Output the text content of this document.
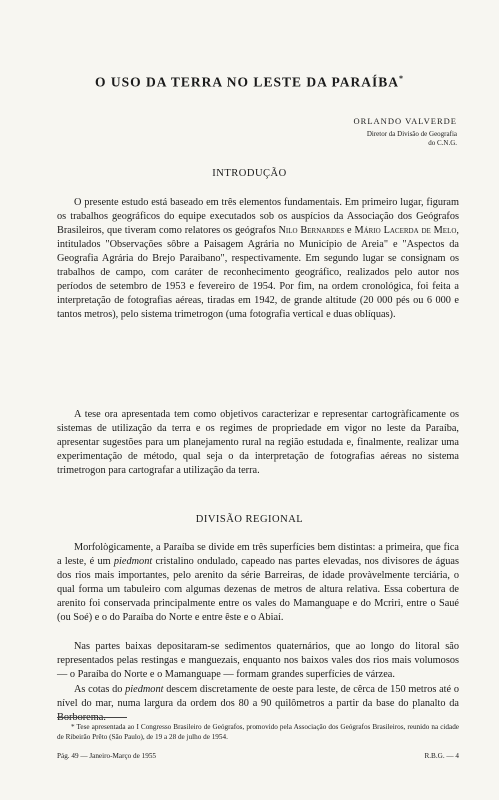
O USO DA TERRA NO LESTE DA PARAÍBA*
ORLANDO VALVERDE
Diretor da Divisão de Geografia
do C.N.G.
INTRODUÇÃO

O presente estudo está baseado em três elementos fundamentais. Em primeiro lugar, figuram os trabalhos geográficos do equipe executados sob os auspícios da Associação dos Geógrafos Brasileiros, que tiveram como relatores os geógrafos Nilo Bernardes e Mário Lacerda de Melo, intitulados "Observações sôbre a Paisagem Agrária no Município de Areia" e "Aspectos da Geografia Agrária do Brejo Paraibano", respectivamente. Em segundo lugar se consignam os trabalhos de campo, com caráter de reconhecimento geográfico, realizados pelo autor nos períodos de setembro de 1953 e fevereiro de 1954. Por fim, na ordem cronológica, foi feita a interpretação de fotografias aéreas, tiradas em 1942, de grande altitude (20 000 pés ou 6 000 e tantos metros), pelo sistema trimetrogon (uma fotografia vertical e duas oblíquas).

A tese ora apresentada tem como objetivos caracterizar e representar cartogràficamente os sistemas de utilização da terra e os regimes de propriedade em vigor no leste da Paraíba, apresentar sugestões para um planejamento rural na região estudada e, finalmente, realizar uma experimentação de método, qual seja o da interpretação de fotografias aéreas no sistema trimetrogon para cartografar a utilização da terra.

DIVISÃO REGIONAL

Morfològicamente, a Paraíba se divide em três superfícies bem distintas: a primeira, que fica a leste, é um piedmont cristalino ondulado, capeado nas partes elevadas, nos divisores de águas dos rios mais importantes, pelo arenito da série Barreiras, de idade provàvelmente terciária, o qual forma um tabuleiro com algumas dezenas de metros de altura relativa. Essa cobertura de arenito foi conservada principalmente entre os vales do Mamanguape e do Mcriri, entre o Saué (ou Soé) e o do Paraíba do Norte e entre êste e o Abiaí.

Nas partes baixas depositaram-se sedimentos quaternários, que ao longo do litoral são representados pelas restingas e manguezais, enquanto nos baixos vales dos rios mais volumosos — o Paraíba do Norte e o Mamanguape — formam grandes superfícies de várzea.

As cotas do piedmont descem discretamente de oeste para leste, de cêrca de 150 metros até o nível do mar, numa largura da ordem dos 80 a 90 quilômetros a partir da base do planalto da Borborema.

* Tese apresentada ao I Congresso Brasileiro de Geógrafos, promovido pela Associação dos Geógrafos Brasileiros, reunido na cidade de Ribeirão Prêto (São Paulo), de 19 a 28 de julho de 1954.

Pág. 49 — Janeiro-Março de 1955	R.B.G. — 4
